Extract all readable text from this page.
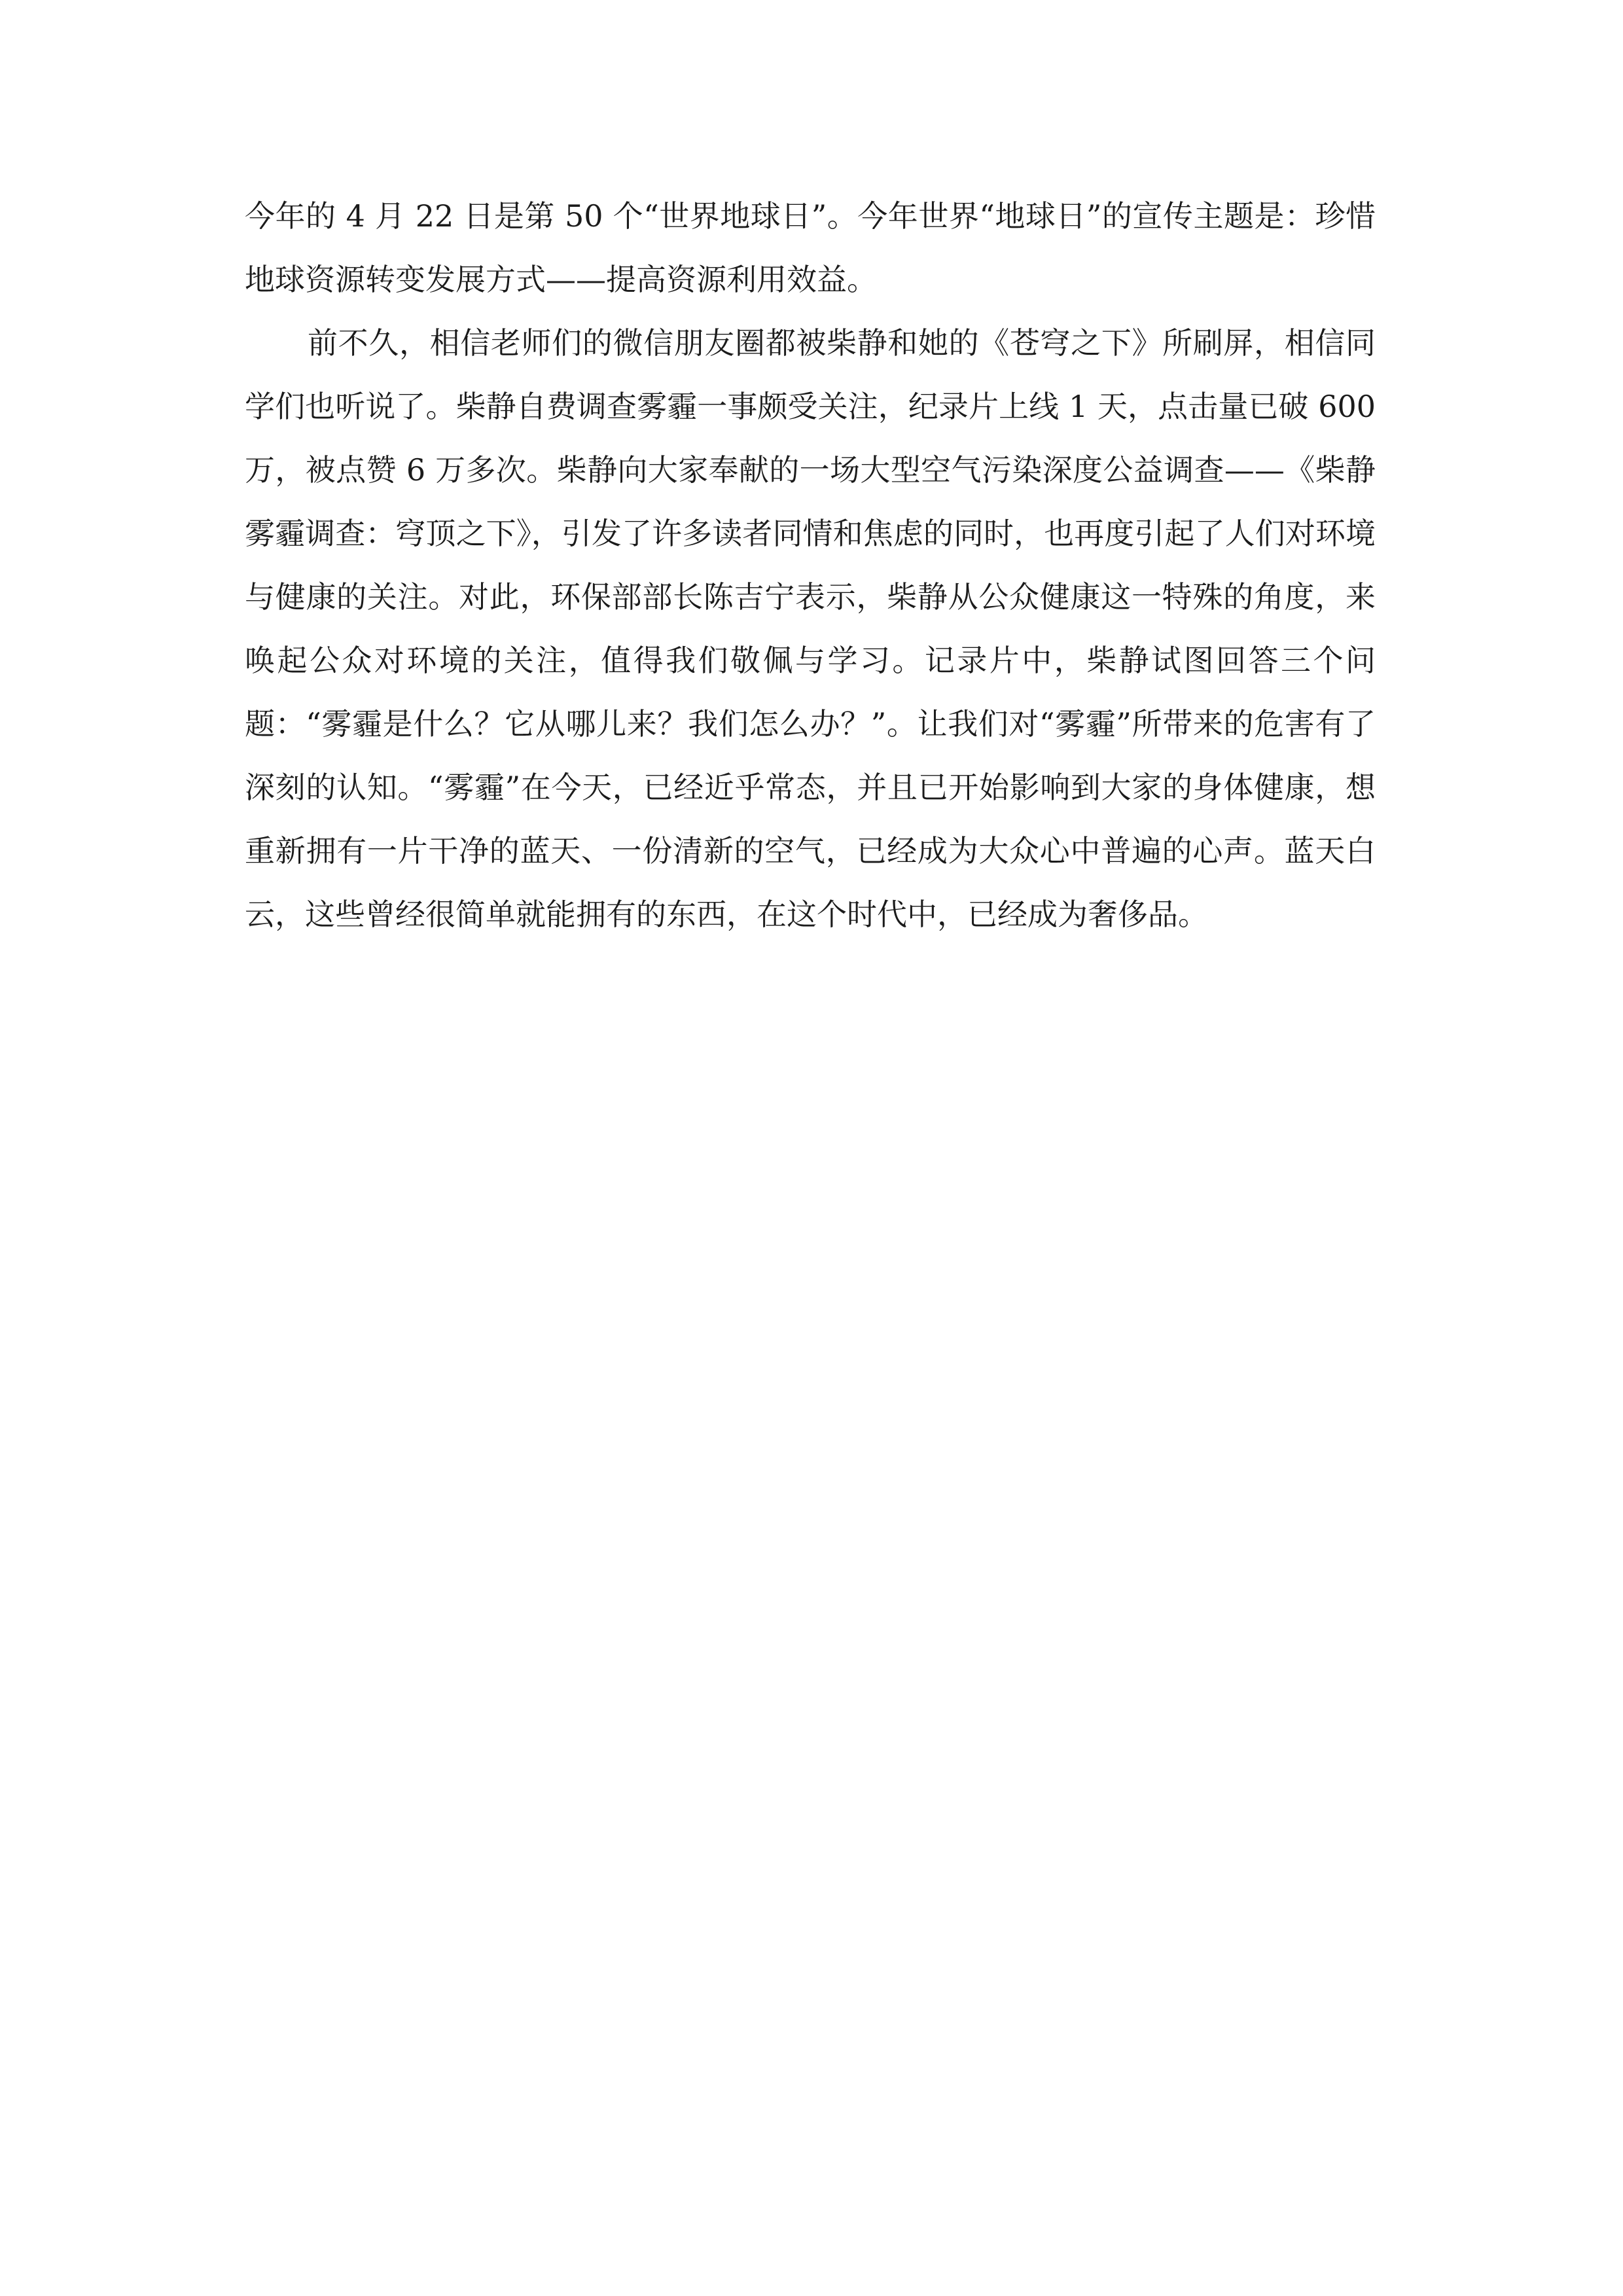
今年的 4 月 22 日是第 50 个“世界地球日”。今年世界“地球日”的宣传主题是：珍惜地球资源转变发展方式——提高资源利用效益。

前不久，相信老师们的微信朋友圈都被柴静和她的《苍穹之下》所刷屏，相信同学们也听说了。柴静自费调查雾霾一事颇受关注，纪录片上线 1 天，点击量已破 600 万，被点赞 6 万多次。柴静向大家奉献的一场大型空气污染深度公益调查——《柴静雾霾调查：穹顶之下》，引发了许多读者同情和焦虑的同时，也再度引起了人们对环境与健康的关注。对此，环保部部长陈吉宁表示，柴静从公众健康这一特殊的角度，来唤起公众对环境的关注，值得我们敬佩与学习。记录片中，柴静试图回答三个问题：“雾霾是什么？它从哪儿来？我们怎么办？”。让我们对“雾霾”所带来的危害有了深刻的认知。“雾霾”在今天，已经近乎常态，并且已开始影响到大家的身体健康，想重新拥有一片干净的蓝天、一份清新的空气，已经成为大众心中普遍的心声。蓝天白云，这些曾经很简单就能拥有的东西，在这个时代中，已经成为奢侈品。
